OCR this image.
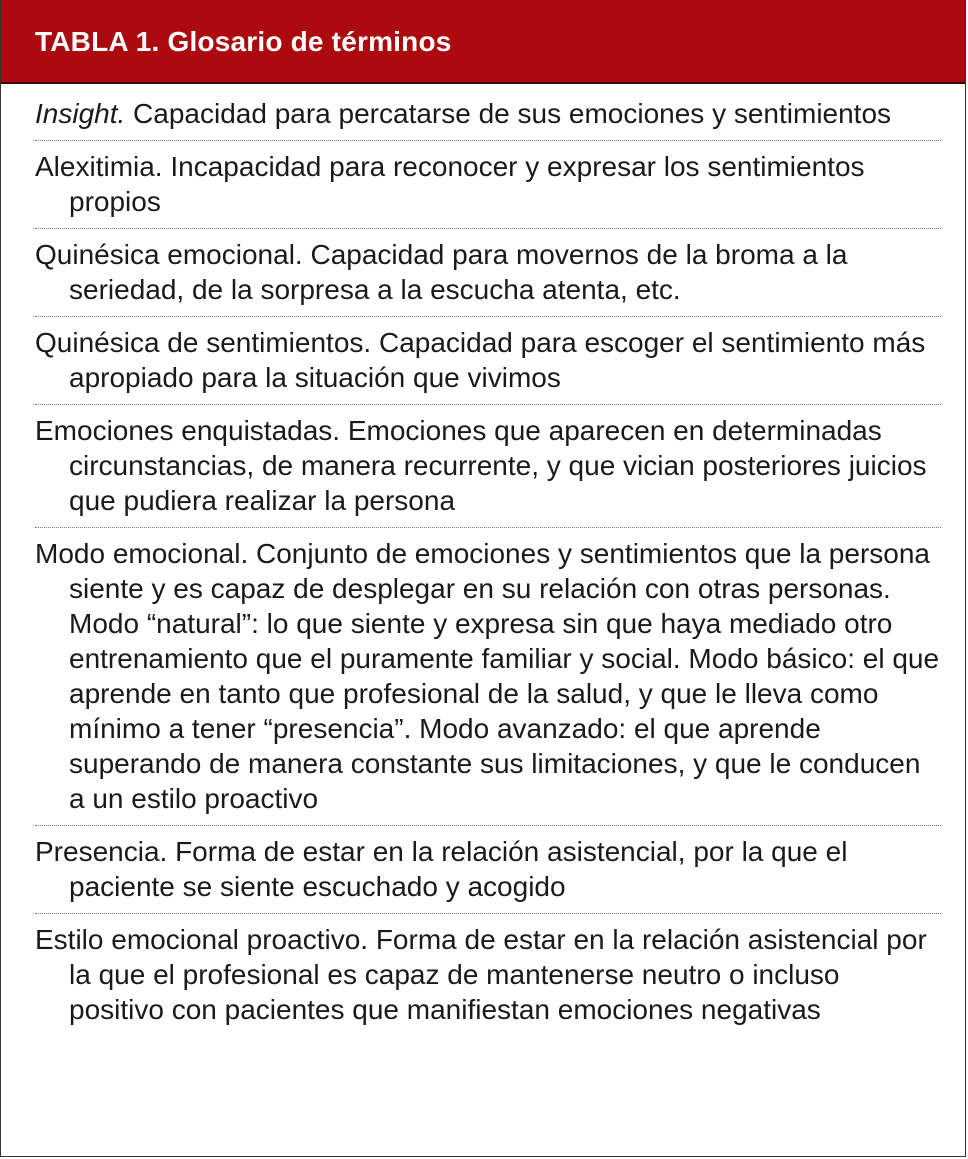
TABLA 1. Glosario de términos
Insight. Capacidad para percatarse de sus emociones y sentimientos
Alexitimia. Incapacidad para reconocer y expresar los sentimientos propios
Quinésica emocional. Capacidad para movernos de la broma a la seriedad, de la sorpresa a la escucha atenta, etc.
Quinésica de sentimientos. Capacidad para escoger el sentimiento más apropiado para la situación que vivimos
Emociones enquistadas. Emociones que aparecen en determinadas circunstancias, de manera recurrente, y que vician posteriores juicios que pudiera realizar la persona
Modo emocional. Conjunto de emociones y sentimientos que la persona siente y es capaz de desplegar en su relación con otras personas. Modo “natural”: lo que siente y expresa sin que haya mediado otro entrenamiento que el puramente familiar y social. Modo básico: el que aprende en tanto que profesional de la salud, y que le lleva como mínimo a tener “presencia”. Modo avanzado: el que aprende superando de manera constante sus limitaciones, y que le conducen a un estilo proactivo
Presencia. Forma de estar en la relación asistencial, por la que el paciente se siente escuchado y acogido
Estilo emocional proactivo. Forma de estar en la relación asistencial por la que el profesional es capaz de mantenerse neutro o incluso positivo con pacientes que manifiestan emociones negativas
